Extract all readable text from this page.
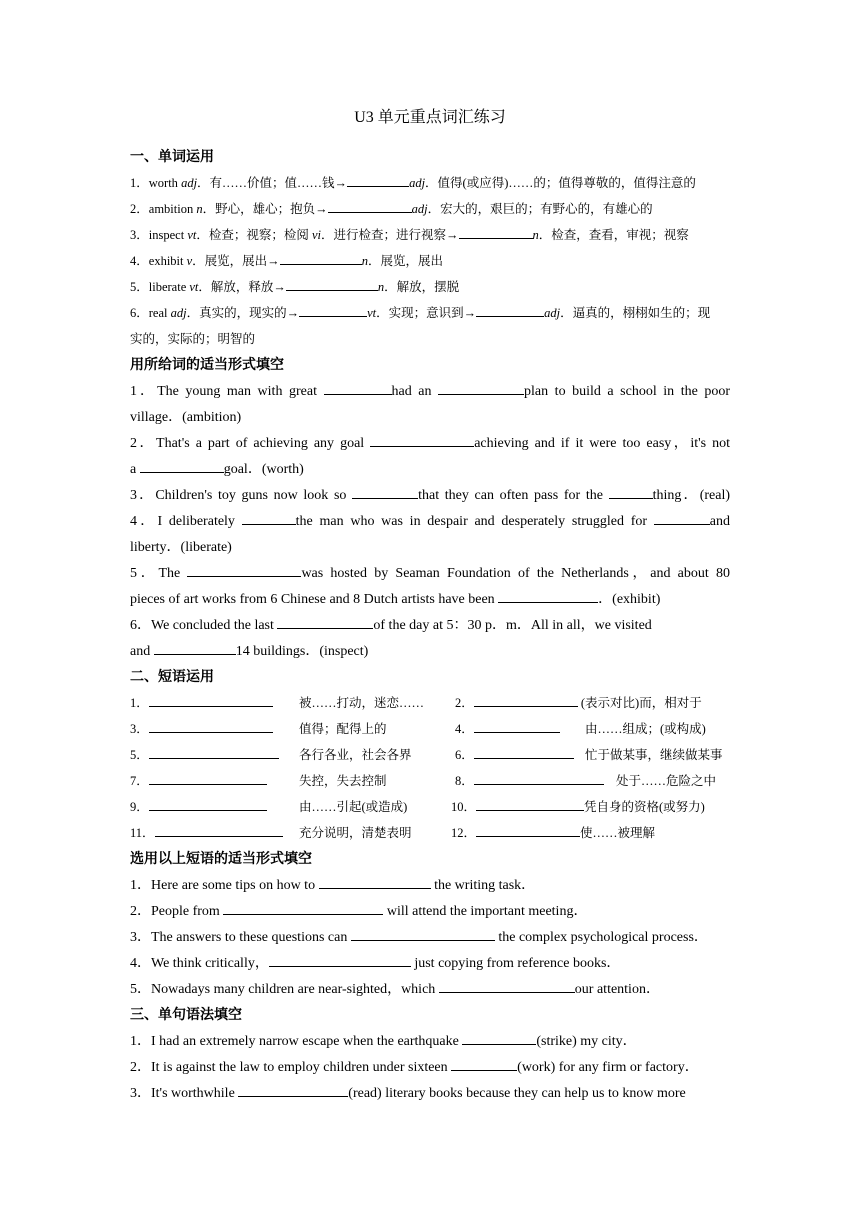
U3 单元重点词汇练习
一、单词运用
1．worth adj．有……价值；值……钱→	adj．值得(或应得)……的；值得尊敬的，值得注意的
2．ambition n．野心，雄心；抱负→	adj．宏大的，艰巨的；有野心的，有雄心的
3．inspect vt．检查；视察；检阅 vi．进行检查；进行视察→	n．检查，查看，审视；视察
4．exhibit v．展览，展出→	n．展览，展出
5．liberate vt．解放，释放→	n．解放，摆脱
6．real adj．真实的，现实的→	vt．实现；意识到→	adj．逼真的，栩栩如生的；现
实的，实际的；明智的
用所给词的适当形式填空
1．The young man with great	had an	plan to build a school in the poor
village．(ambition)
2．That's a part of achieving any goal	achieving and if it were too easy，it's not
a	goal．(worth)
3．Children's toy guns now look so	that they can often pass for the	thing．(real)
4．I deliberately	the man who was in despair and desperately struggled for	and
liberty．(liberate)
5．The	was hosted by Seaman Foundation of the Netherlands，and about 80
pieces of art works from 6 Chinese and 8 Dutch artists have been	．(exhibit)
6．We concluded the last	of the day at 5：30 p．m．All in all，we visited
and	14 buildings．(inspect)
二、短语运用
1．	被……打动，迷恋…… 2．	(表示对比)而，相对于
3．	值得；配得上的	4．	由……组成；(或构成)
5．	各行各业，社会各界	6．	忙于做某事，继续做某事
7．	失控，失去控制	8．	处于……危险之中
9．	由……引起(或造成)	10．	凭自身的资格(或努力)
11．	充分说明，清楚表明	12．	使……被理解
选用以上短语的适当形式填空
1．Here are some tips on how to	the writing task．
2．People from	will attend the important meeting．
3．The answers to these questions can	the complex psychological process．
4．We think critically，	just copying from reference books．
5．Nowadays many children are near-sighted，which	our attention．
三、单句语法填空
1．I had an extremely narrow escape when the earthquake	(strike) my city．
2．It is against the law to employ children under sixteen	(work) for any firm or factory．
3．It's worthwhile	(read) literary books because they can help us to know more
